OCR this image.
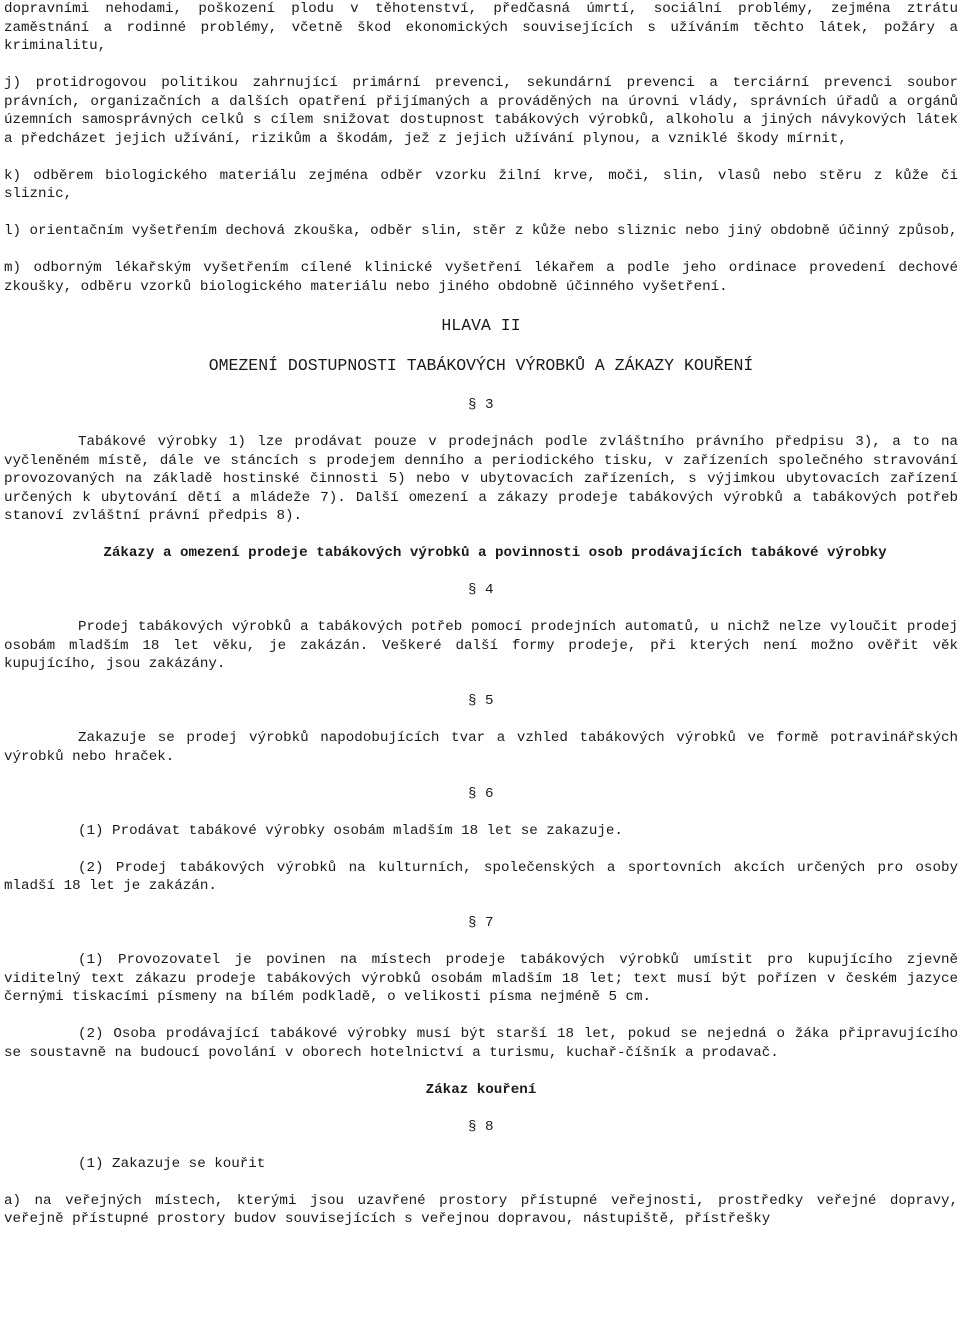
dopravními nehodami, poškození plodu v těhotenství, předčasná úmrtí, sociální problémy, zejména ztrátu zaměstnání a rodinné problémy, včetně škod ekonomických souvisejících s užíváním těchto látek, požáry a kriminalitu,

j) protidrogovou politikou zahrnující primární prevenci, sekundární prevenci a terciární prevenci soubor právních, organizačních a dalších opatření přijímaných a prováděných na úrovni vlády, správních úřadů a orgánů územních samosprávných celků s cílem snižovat dostupnost tabákových výrobků, alkoholu a jiných návykových látek a předcházet jejich užívání, rizikům a škodám, jež z jejich užívání plynou, a vzniklé škody mírnit,

k) odběrem biologického materiálu zejména odběr vzorku žilní krve, moči, slin, vlasů nebo stěru z kůže či sliznic,

l) orientačním vyšetřením dechová zkouška, odběr slin, stěr z kůže nebo sliznic nebo jiný obdobně účinný způsob,

m) odborným lékařským vyšetřením cílené klinické vyšetření lékařem a podle jeho ordinace provedení dechové zkoušky, odběru vzorků biologického materiálu nebo jiného obdobně účinného vyšetření.

HLAVA II

OMEZENÍ DOSTUPNOSTI TABÁKOVÝCH VÝROBKŮ A ZÁKAZY KOUŘENÍ

§ 3

Tabákové výrobky 1) lze prodávat pouze v prodejnách podle zvláštního právního předpisu 3), a to na vyčleněném místě, dále ve stáncích s prodejem denního a periodického tisku, v zařízeních společného stravování provozovaných na základě hostinské činnosti 5) nebo v ubytovacích zařízeních, s výjimkou ubytovacích zařízení určených k ubytování dětí a mládeže 7). Další omezení a zákazy prodeje tabákových výrobků a tabákových potřeb stanoví zvláštní právní předpis 8).

Zákazy a omezení prodeje tabákových výrobků a povinnosti osob prodávajících tabákové výrobky

§ 4

Prodej tabákových výrobků a tabákových potřeb pomocí prodejních automatů, u nichž nelze vyloučit prodej osobám mladším 18 let věku, je zakázán. Veškeré další formy prodeje, při kterých není možno ověřit věk kupujícího, jsou zakázány.

§ 5

Zakazuje se prodej výrobků napodobujících tvar a vzhled tabákových výrobků ve formě potravinářských výrobků nebo hraček.

§ 6

(1) Prodávat tabákové výrobky osobám mladším 18 let se zakazuje.

(2) Prodej tabákových výrobků na kulturních, společenských a sportovních akcích určených pro osoby mladší 18 let je zakázán.

§ 7

(1) Provozovatel je povinen na místech prodeje tabákových výrobků umístit pro kupujícího zjevně viditelný text zákazu prodeje tabákových výrobků osobám mladším 18 let; text musí být pořízen v českém jazyce černými tiskacími písmeny na bílém podkladě, o velikosti písma nejméně 5 cm.

(2) Osoba prodávající tabákové výrobky musí být starší 18 let, pokud se nejedná o žáka připravujícího se soustavně na budoucí povolání v oborech hotelnictví a turismu, kuchař-číšník a prodavač.

Zákaz kouření

§ 8

(1) Zakazuje se kouřit

a) na veřejných místech, kterými jsou uzavřené prostory přístupné veřejnosti, prostředky veřejné dopravy, veřejně přístupné prostory budov souvisejících s veřejnou dopravou, nástupiště, přístřešky
